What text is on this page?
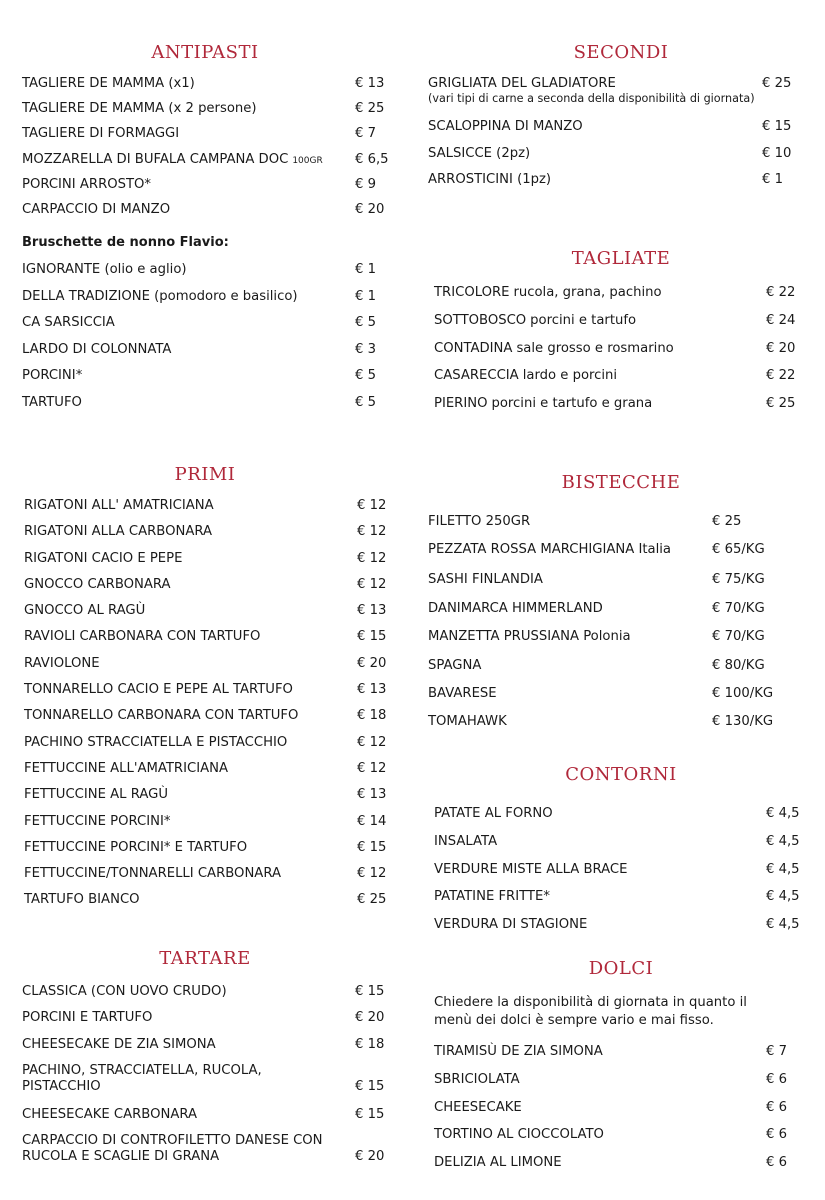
ANTIPASTI
TAGLIERE DE MAMMA (x1)	€ 13
TAGLIERE DE MAMMA (x 2 persone)	€ 25
TAGLIERE DI FORMAGGI	€ 7
MOZZARELLA DI BUFALA CAMPANA DOC 100GR € 6,5
PORCINI ARROSTO*	€ 9
CARPACCIO DI MANZO	€ 20
Bruschette de nonno Flavio:
IGNORANTE (olio e aglio)	€ 1
DELLA TRADIZIONE (pomodoro e basilico)	€ 1
CA SARSICCIA	€ 5
LARDO DI COLONNATA	€ 3
PORCINI*	€ 5
TARTUFO	€ 5
SECONDI
GRIGLIATA DEL GLADIATORE	€ 25
(vari tipi di carne a seconda della disponibilità di giornata)
SCALOPPINA DI MANZO	€ 15
SALSICCE (2pz)	€ 10
ARROSTICINI (1pz)	€ 1
TAGLIATE
TRICOLORE rucola, grana, pachino	€ 22
SOTTOBOSCO porcini e tartufo	€ 24
CONTADINA sale grosso e rosmarino	€ 20
CASARECCIA lardo e porcini	€ 22
PIERINO porcini e tartufo e grana	€ 25
PRIMI
RIGATONI ALL' AMATRICIANA	€ 12
RIGATONI ALLA CARBONARA	€ 12
RIGATONI CACIO E PEPE	€ 12
GNOCCO CARBONARA	€ 12
GNOCCO AL RAGÙ	€ 13
RAVIOLI CARBONARA CON TARTUFO	€ 15
RAVIOLONE	€ 20
TONNARELLO CACIO E PEPE AL TARTUFO	€ 13
TONNARELLO CARBONARA CON TARTUFO	€ 18
PACHINO STRACCIATELLA E PISTACCHIO	€ 12
FETTUCCINE ALL'AMATRICIANA	€ 12
FETTUCCINE AL RAGÙ	€ 13
FETTUCCINE PORCINI*	€ 14
FETTUCCINE PORCINI* E TARTUFO	€ 15
FETTUCCINE/TONNARELLI CARBONARA	€ 12
TARTUFO BIANCO	€ 25
BISTECCHE
FILETTO 250GR	€ 25
PEZZATA ROSSA MARCHIGIANA Italia	€ 65/KG
SASHI FINLANDIA	€ 75/KG
DANIMARCA HIMMERLAND	€ 70/KG
MANZETTA PRUSSIANA Polonia	€ 70/KG
SPAGNA	€ 80/KG
BAVARESE	€ 100/KG
TOMAHAWK	€ 130/KG
CONTORNI
PATATE AL FORNO	€ 4,5
INSALATA	€ 4,5
VERDURE MISTE ALLA BRACE	€ 4,5
PATATINE FRITTE*	€ 4,5
VERDURA DI STAGIONE	€ 4,5
TARTARE
CLASSICA (CON UOVO CRUDO)	€ 15
PORCINI E TARTUFO	€ 20
CHEESECAKE DE ZIA SIMONA	€ 18
PACHINO, STRACCIATELLA, RUCOLA,
PISTACCHIO	€ 15
CHEESECAKE CARBONARA	€ 15
CARPACCIO DI CONTROFILETTO DANESE CON
RUCOLA E SCAGLIE DI GRANA	€ 20
DOLCI
Chiedere la disponibilità di giornata in quanto il
menù dei dolci è sempre vario e mai fisso.
TIRAMISÙ DE ZIA SIMONA	€ 7
SBRICIOLATA	€ 6
CHEESECAKE	€ 6
TORTINO AL CIOCCOLATO	€ 6
DELIZIA AL LIMONE	€ 6
